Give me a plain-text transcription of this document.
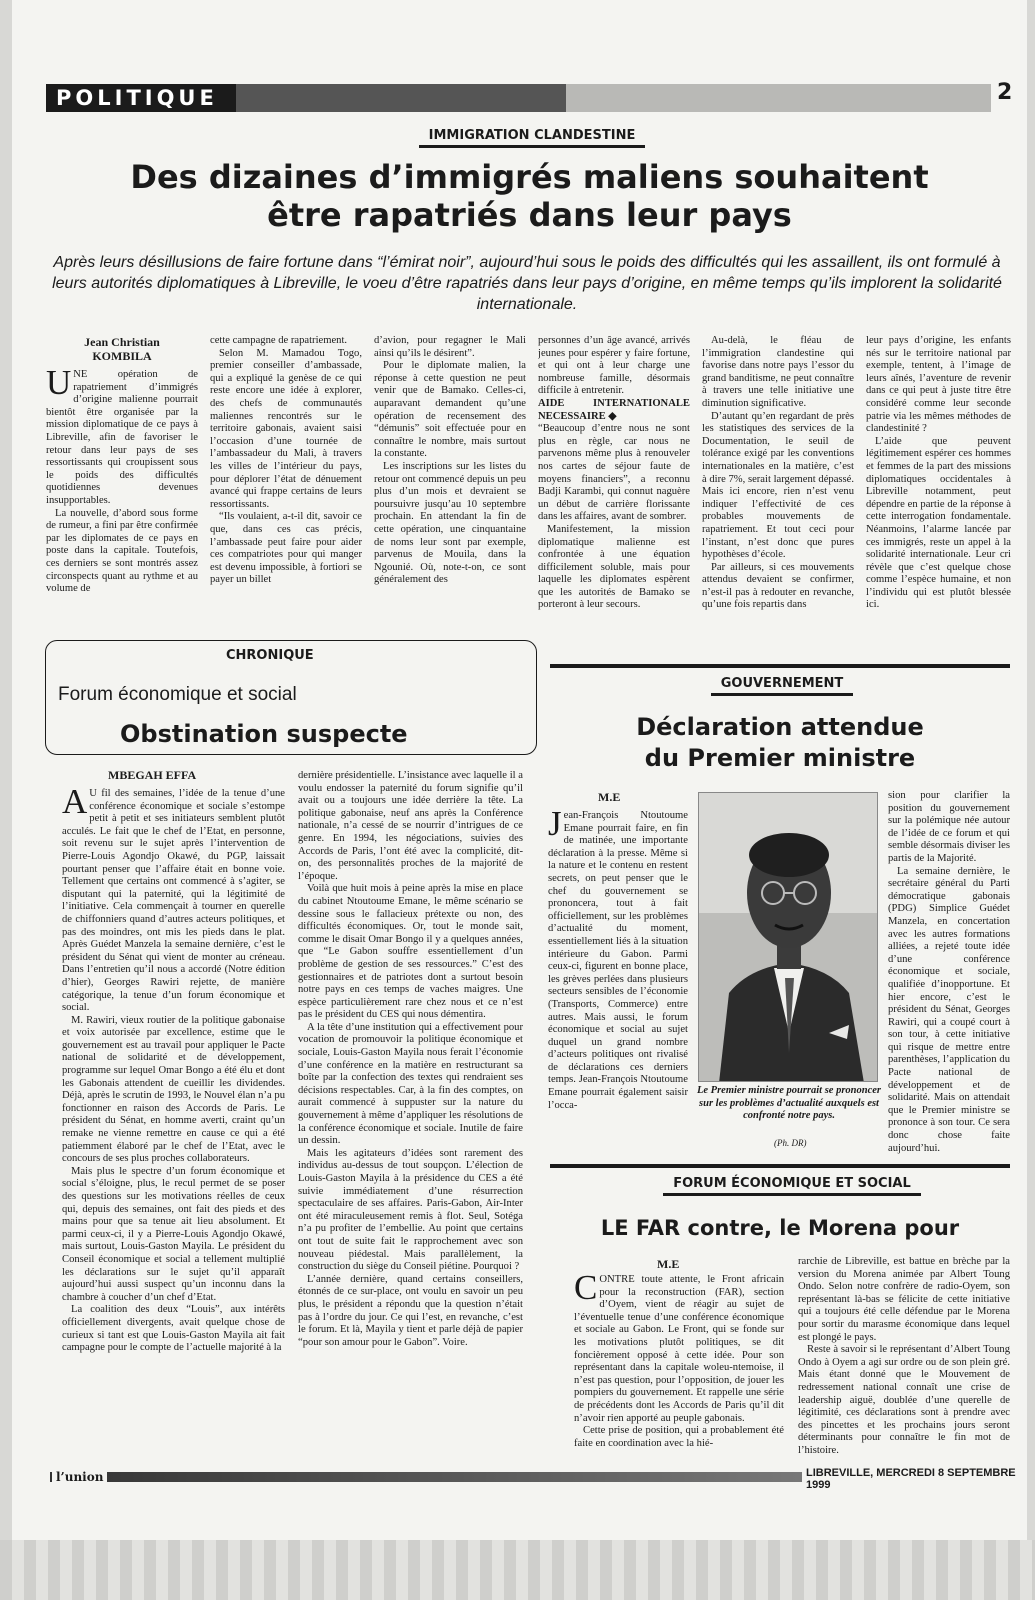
POLITIQUE	2
IMMIGRATION CLANDESTINE
Des dizaines d’immigrés maliens souhaitent
être rapatriés dans leur pays
Après leurs désillusions de faire fortune dans “l’émirat noir”, aujourd’hui sous le poids des difficultés qui les assaillent, ils ont formulé à leurs autorités diplomatiques à Libreville, le voeu d’être rapatriés dans leur pays d’origine, en même temps qu’ils implorent la solidarité internationale.
Jean Christian
KOMBILA

UNE opération de rapatriement d’immigrés d’origine malienne pourrait bientôt être organisée par la mission diplomatique de ce pays à Libreville, afin de favoriser le retour dans leur pays de ses ressortissants qui croupissent sous le poids des difficultés quotidiennes devenues insupportables.

La nouvelle, d’abord sous forme de rumeur, a fini par être confirmée par les diplomates de ce pays en poste dans la capitale. Toutefois, ces derniers se sont montrés assez circonspects quant au rythme et au volume de

cette campagne de rapatriement.

Selon M. Mamadou Togo, premier conseiller d’ambassade, qui a expliqué la genèse de ce qui reste encore une idée à explorer, des chefs de communautés maliennes rencontrés sur le territoire gabonais, avaient saisi l’occasion d’une tournée de l’ambassadeur du Mali, à travers les villes de l’intérieur du pays, pour déplorer l’état de dénuement avancé qui frappe certains de leurs ressortissants.

“Ils voulaient, a-t-il dit, savoir ce que, dans ces cas précis, l’ambassade peut faire pour aider ces compatriotes pour qui manger est devenu impossible, à fortiori se payer un billet

d’avion, pour regagner le Mali ainsi qu’ils le désirent”.

Pour le diplomate malien, la réponse à cette question ne peut venir que de Bamako. Celles-ci, auparavant demandent qu’une opération de recensement des “démunis” soit effectuée pour en connaître le nombre, mais surtout la constante.

Les inscriptions sur les listes du retour ont commencé depuis un peu plus d’un mois et devraient se poursuivre jusqu’au 10 septembre prochain. En attendant la fin de cette opération, une cinquantaine de noms leur sont par exemple, parvenus de Mouila, dans la Ngounié. Où, note-t-on, ce sont généralement des

personnes d’un âge avancé, arrivés jeunes pour espérer y faire fortune, et qui ont à leur charge une nombreuse famille, désormais difficile à entretenir.

AIDE INTERNATIONALE NECESSAIRE ◆

“Beaucoup d’entre nous ne sont plus en règle, car nous ne parvenons même plus à renouveler nos cartes de séjour faute de moyens financiers”, a reconnu Badji Karambi, qui connut naguère un début de carrière florissante dans les affaires, avant de sombrer.

Manifestement, la mission diplomatique malienne est confrontée à une équation difficilement soluble, mais pour laquelle les diplomates espèrent que les autorités de Bamako se porteront à leur secours.

Au-delà, le fléau de l’immigration clandestine qui favorise dans notre pays l’essor du grand banditisme, ne peut connaître à travers une telle initiative une diminution significative.

D’autant qu’en regardant de près les statistiques des services de la Documentation, le seuil de tolérance exigé par les conventions internationales en la matière, c’est à dire 7%, serait largement dépassé. Mais ici encore, rien n’est venu indiquer l’effectivité de ces probables mouvements de rapatriement. Et tout ceci pour l’instant, n’est donc que pures hypothèses d’école.

Par ailleurs, si ces mouvements attendus devaient se confirmer, n’est-il pas à redouter en revanche, qu’une fois repartis dans

leur pays d’origine, les enfants nés sur le territoire national par exemple, tentent, à l’image de leurs aînés, l’aventure de revenir dans ce qui peut à juste titre être considéré comme leur seconde patrie via les mêmes méthodes de clandestinité ?

L’aide que peuvent légitimement espérer ces hommes et femmes de la part des missions diplomatiques occidentales à Libreville notamment, peut dépendre en partie de la réponse à cette interrogation fondamentale. Néanmoins, l’alarme lancée par ces immigrés, reste un appel à la solidarité internationale. Leur cri révèle que c’est quelque chose comme l’espèce humaine, et non l’individu qui est plutôt blessée ici.

CHRONIQUE
Forum économique et social
Obstination suspecte
MBEGAH EFFA

A U fil des semaines, l’idée de la tenue d’une conférence économique et sociale s’estompe petit à petit et ses initiateurs semblent plutôt acculés. Le fait que le chef de l’Etat, en personne, soit revenu sur le sujet après l’intervention de Pierre-Louis Agondjo Okawé, du PGP, laissait pourtant penser que l’affaire était en bonne voie. Tellement que certains ont commencé à s’agiter, se disputant qui la paternité, qui la légitimité de l’initiative. Cela commençait à tourner en querelle de chiffonniers quand d’autres acteurs politiques, et pas des moindres, ont mis les pieds dans le plat. Après Guédet Manzela la semaine dernière, c’est le président du Sénat qui vient de monter au créneau. Dans l’entretien qu’il nous a accordé (Notre édition d’hier), Georges Rawiri rejette, de manière catégorique, la tenue d’un forum économique et social.

M. Rawiri, vieux routier de la politique gabonaise et voix autorisée par excellence, estime que le gouvernement est au travail pour appliquer le Pacte national de solidarité et de développement, programme sur lequel Omar Bongo a été élu et dont les Gabonais attendent de cueillir les dividendes. Déjà, après le scrutin de 1993, le Nouvel élan n’a pu fonctionner en raison des Accords de Paris. Le président du Sénat, en homme averti, craint qu’un remake ne vienne remettre en cause ce qui a été patiemment élaboré par le chef de l’Etat, avec le concours de ses plus proches collaborateurs.

Mais plus le spectre d’un forum économique et social s’éloigne, plus, le recul permet de se poser des questions sur les motivations réelles de ceux qui, depuis des semaines, ont fait des pieds et des mains pour que sa tenue ait lieu absolument. Et parmi ceux-ci, il y a Pierre-Louis Agondjo Okawé, mais surtout, Louis-Gaston Mayila. Le président du Conseil économique et social a tellement multiplié les déclarations sur le sujet qu’il apparaît aujourd’hui aussi suspect qu’un inconnu dans la chambre à coucher d’un chef d’Etat.

La coalition des deux “Louis”, aux intérêts officiellement divergents, avait quelque chose de curieux si tant est que Louis-Gaston Mayila ait fait campagne pour le compte de l’actuelle majorité à la

dernière présidentielle. L’insistance avec laquelle il a voulu endosser la paternité du forum signifie qu’il avait ou a toujours une idée derrière la tête. La politique gabonaise, neuf ans après la Conférence nationale, n’a cessé de se nourrir d’intrigues de ce genre. En 1994, les négociations, suivies des Accords de Paris, l’ont été avec la complicité, dit-on, des personnalités proches de la majorité de l’époque.

Voilà que huit mois à peine après la mise en place du cabinet Ntoutoume Emane, le même scénario se dessine sous le fallacieux prétexte ou non, des difficultés économiques. Or, tout le monde sait, comme le disait Omar Bongo il y a quelques années, que “Le Gabon souffre essentiellement d’un problème de gestion de ses ressources.” C’est des gestionnaires et de patriotes dont a surtout besoin notre pays en ces temps de vaches maigres. Une espèce particulièrement rare chez nous et ce n’est pas le président du CES qui nous démentira.

A la tête d’une institution qui a effectivement pour vocation de promouvoir la politique économique et sociale, Louis-Gaston Mayila nous ferait l’économie d’une conférence en la matière en restructurant sa boîte par la confection des textes qui rendraient ses décisions respectables. Car, à la fin des comptes, on aurait commencé à suppuster sur la nature du gouvernement à même d’appliquer les résolutions de la conférence économique et sociale. Inutile de faire un dessin.

Mais les agitateurs d’idées sont rarement des individus au-dessus de tout soupçon. L’élection de Louis-Gaston Mayila à la présidence du CES a été suivie immédiatement d’une résurrection spectaculaire de ses affaires. Paris-Gabon, Air-Inter ont été miraculeusement remis à flot. Seul, Sotéga n’a pu profiter de l’embellie. Au point que certains ont tout de suite fait le rapprochement avec son nouveau piédestal. Mais parallèlement, la construction du siège du Conseil piétine. Pourquoi ?

L’année dernière, quand certains conseillers, étonnés de ce sur-place, ont voulu en savoir un peu plus, le président a répondu que la question n’était pas à l’ordre du jour. Ce qui l’est, en revanche, c’est le forum. Et là, Mayila y tient et parle déjà de papier “pour son amour pour le Gabon”. Voire.

GOUVERNEMENT
Déclaration attendue
du Premier ministre
M.E

Jean-François Ntoutoume Emane pourrait faire, en fin de matinée, une importante déclaration à la presse. Même si la nature et le contenu en restent secrets, on peut penser que le chef du gouvernement se prononcera, tout à fait officiellement, sur les problèmes d’actualité du moment, essentiellement liés à la situation intérieure du Gabon. Parmi ceux-ci, figurent en bonne place, les grèves perlées dans plusieurs secteurs sensibles de l’économie (Transports, Commerce) entre autres. Mais aussi, le forum économique et social au sujet duquel un grand nombre d’acteurs politiques ont rivalisé de déclarations ces derniers temps. Jean-François Ntoutoume Emane pourrait également saisir l’occa-

Le Premier ministre pourrait se prononcer sur les problèmes d’actualité auxquels est confronté notre pays.
(Ph. DR)

sion pour clarifier la position du gouvernement sur la polémique née autour de l’idée de ce forum et qui semble désormais diviser les partis de la Majorité.

La semaine dernière, le secrétaire général du Parti démocratique gabonais (PDG) Simplice Guédet Manzela, en concertation avec les autres formations alliées, a rejeté toute idée d’une conférence économique et sociale, qualifiée d’inopportune. Et hier encore, c’est le président du Sénat, Georges Rawiri, qui a coupé court à son tour, à cette initiative qui risque de mettre entre parenthèses, l’application du Pacte national de développement et de solidarité. Mais on attendait que le Premier ministre se prononce à son tour. Ce sera donc chose faite aujourd’hui.

FORUM ÉCONOMIQUE ET SOCIAL
LE FAR contre, le Morena pour
M.E

CONTRE toute attente, le Front africain pour la reconstruction (FAR), section d’Oyem, vient de réagir au sujet de l’éventuelle tenue d’une conférence économique et sociale au Gabon. Le Front, qui se fonde sur les motivations plutôt politiques, se dit foncièrement opposé à cette idée. Pour son représentant dans la capitale woleu-ntemoise, il n’est pas question, pour l’opposition, de jouer les pompiers du gouvernement. Et rappelle une série de précédents dont les Accords de Paris qu’il dit n’avoir rien apporté au peuple gabonais.

Cette prise de position, qui a probablement été faite en coordination avec la hié-

rarchie de Libreville, est battue en brèche par la version du Morena animée par Albert Toung Ondo. Selon notre confrère de radio-Oyem, son représentant là-bas se félicite de cette initiative qui a toujours été celle défendue par le Morena pour sortir du marasme économique dans lequel est plongé le pays.

Reste à savoir si le représentant d’Albert Toung Ondo à Oyem a agi sur ordre ou de son plein gré. Mais étant donné que le Mouvement de redressement national connaît une crise de leadership aiguë, doublée d’une querelle de légitimité, ces déclarations sont à prendre avec des pincettes et les prochains jours seront déterminants pour connaître le fin mot de l’histoire.

l’union	LIBREVILLE, MERCREDI 8 SEPTEMBRE 1999
